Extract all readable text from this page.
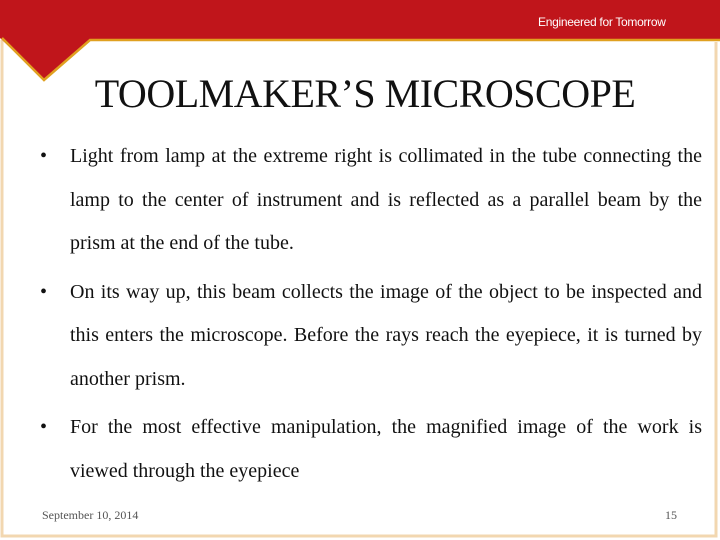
Engineered for Tomorrow
TOOLMAKER’S MICROSCOPE
• Light from lamp at the extreme right is collimated in the tube connecting the lamp to the center of instrument and is reflected as a parallel beam by the prism at the end of the tube.
• On its way up, this beam collects the image of the object to be inspected and this enters the microscope. Before the rays reach the eyepiece, it is turned by another prism.
• For the most effective manipulation, the magnified image of the work is viewed through the eyepiece
September 10, 2014	15
